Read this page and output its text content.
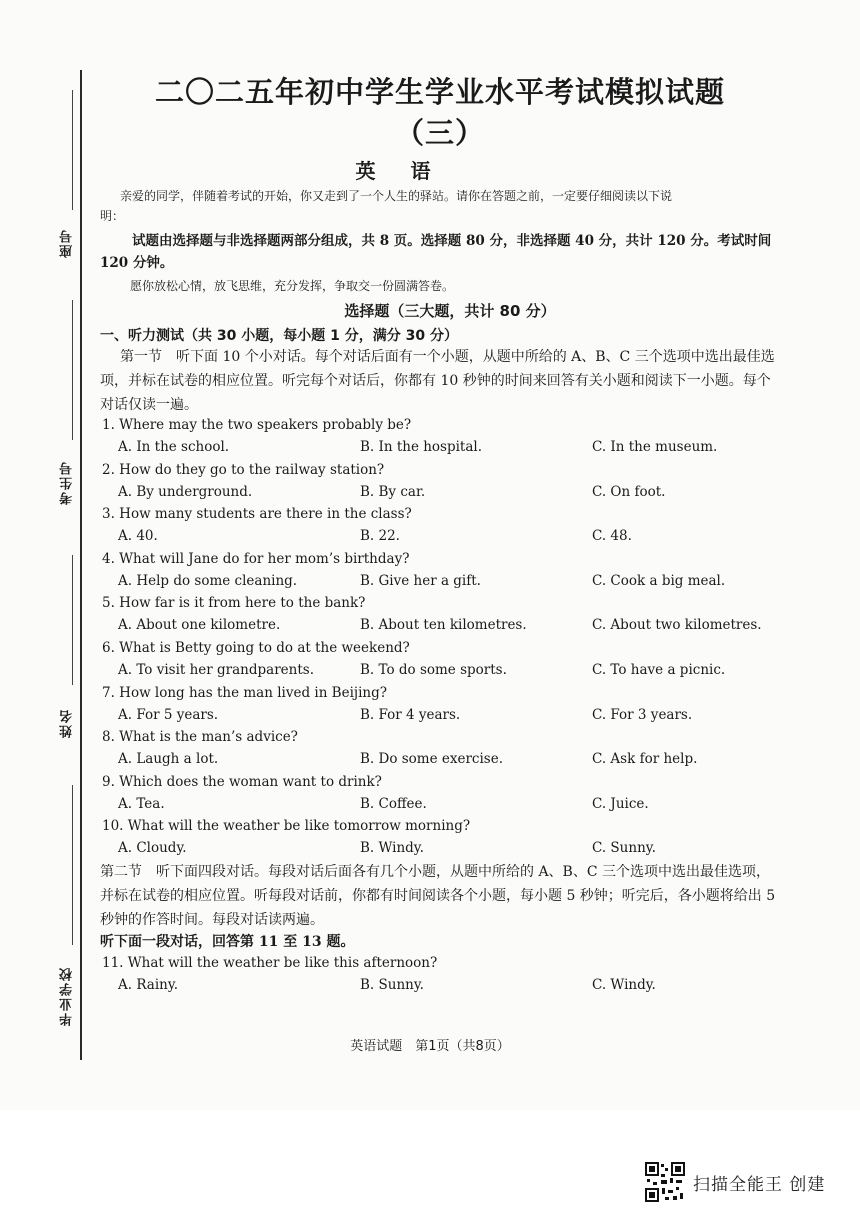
座号
考生号
姓名
毕业学校
二〇二五年初中学生学业水平考试模拟试题（三）
英 语
亲爱的同学，伴随着考试的开始，你又走到了一个人生的驿站。请你在答题之前，一定要仔细阅读以下说明：
试题由选择题与非选择题两部分组成，共 8 页。选择题 80 分，非选择题 40 分，共计 120 分。考试时间 120 分钟。
愿你放松心情，放飞思维，充分发挥，争取交一份圆满答卷。
选择题（三大题，共计 80 分）
一、听力测试（共 30 小题，每小题 1 分，满分 30 分）
第一节　听下面 10 个小对话。每个对话后面有一个小题，从题中所给的 A、B、C 三个选项中选出最佳选项，并标在试卷的相应位置。听完每个对话后，你都有 10 秒钟的时间来回答有关小题和阅读下一小题。每个对话仅读一遍。
1. Where may the two speakers probably be?
A. In the school.	B. In the hospital.	C. In the museum.
2. How do they go to the railway station?
A. By underground.	B. By car.	C. On foot.
3. How many students are there in the class?
A. 40.	B. 22.	C. 48.
4. What will Jane do for her mom’s birthday?
A. Help do some cleaning.	B. Give her a gift.	C. Cook a big meal.
5. How far is it from here to the bank?
A. About one kilometre.	B. About ten kilometres.	C. About two kilometres.
6. What is Betty going to do at the weekend?
A. To visit her grandparents.	B. To do some sports.	C. To have a picnic.
7. How long has the man lived in Beijing?
A. For 5 years.	B. For 4 years.	C. For 3 years.
8. What is the man’s advice?
A. Laugh a lot.	B. Do some exercise.	C. Ask for help.
9. Which does the woman want to drink?
A. Tea.	B. Coffee.	C. Juice.
10. What will the weather be like tomorrow morning?
A. Cloudy.	B. Windy.	C. Sunny.
第二节　听下面四段对话。每段对话后面各有几个小题，从题中所给的 A、B、C 三个选项中选出最佳选项，并标在试卷的相应位置。听每段对话前，你都有时间阅读各个小题，每小题 5 秒钟；听完后，各小题将给出 5 秒钟的作答时间。每段对话读两遍。
听下面一段对话，回答第 11 至 13 题。
11. What will the weather be like this afternoon?
A. Rainy.	B. Sunny.	C. Windy.
英语试题　第1页（共8页）
扫描全能王 创建
